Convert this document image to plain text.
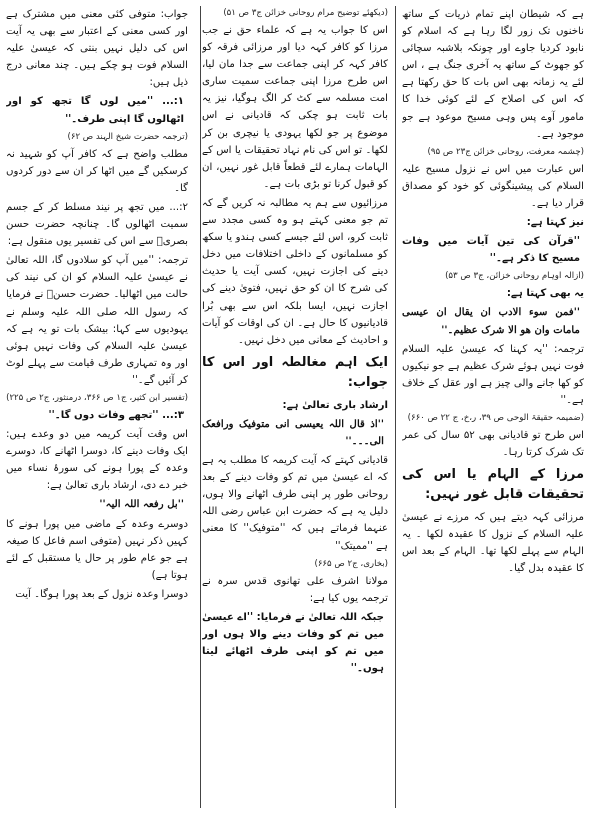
ہے کہ شیطان اپنے تمام ذریات کے ساتھ ناخنوں تک زور لگا رہا ہے کہ اسلام کو نابود کردیا جاوے اور چونکہ بلاشبہ سچائی کو جھوٹ کے ساتھ یہ آخری جنگ ہے ، اس لئے یہ زمانہ بھی اس بات کا حق رکھتا ہے کہ اس کی اصلاح کے لئے کوئی خدا کا مامور آوے پس وہی مسیح موعود ہے جو موجود ہے۔

(چشمہ معرفت، روحانی خزائن ج۲۳ ص ۹۵)

اس عبارت میں اس نے نزول مسیح علیہ السلام کی پیشینگوئی کو خود کو مصداق قرار دیا ہے۔

نیز کہتا ہے:

''قرآن کی تین آیات میں وفات مسیح کا ذکر ہے۔''

(ازالہ اوہام روحانی خزائن، ج۳ ص ۵۳)

یہ بھی کہتا ہے:

''فمن سوء الادب ان یقال ان عیسی مامات وان ھو الا شرک عظیم۔''

ترجمہ: ''یہ کہنا کہ عیسیٰ علیہ السلام فوت نہیں ہوئے شرک عظیم ہے جو نیکیوں کو کھا جانے والی چیز ہے اور عقل کے خلاف ہے۔''

(ضمیمہ حقیقۃ الوحی ص ۳۹، ر،خ، ج ۲۲ ص ۶۶۰)

اس طرح تو قادیانی بھی ۵۲ سال کی عمر تک شرک کرتا رہا۔

مرزا کے الہام یا اس کی تحقیقات قابل غور نہیں:

مرزائی کہہ دیتے ہیں کہ مرزے نے عیسیٰ علیہ السلام کے نزول کا عقیدہ لکھا ۔ یہ الہام سے پہلے لکھا تھا۔ الہام کے بعد اس کا عقیدہ بدل گیا۔

(دیکھئے توضیح مرام روحانی خزائن ج۳ ص ۵۱)

اس کا جواب یہ ہے کہ علماء حق نے جب مرزا کو کافر کہہ دیا اور مرزائی فرقہ کو کافر کہہ کر اپنی جماعت سے جدا مان لیا، اس طرح مرزا اپنی جماعت سمیت ساری امت مسلمہ سے کٹ کر الگ ہوگیا، نیز یہ بات ثابت ہو چکی کہ قادیانی نے اس موضوع پر جو لکھا یہودی یا نیچری بن کر لکھا۔ تو اس کی نام نہاد تحقیقات یا اس کے الہامات ہمارے لئے قطعاً قابل غور نہیں، ان کو قبول کرنا تو بڑی بات ہے۔

مرزائیوں سے ہم یہ مطالبہ نہ کریں گے کہ تم جو معنی کہتے ہو وہ کسی مجدد سے ثابت کرو، اس لئے جیسے کسی ہندو یا سکھ کو مسلمانوں کے داخلی اختلافات میں دخل دینے کی اجازت نہیں، کسی آیت یا حدیث کی شرح کا ان کو حق نہیں، فتویٰ دینے کی اجازت نہیں، ایسا بلکہ اس سے بھی بُرا قادیانیوں کا حال ہے۔ ان کی اوقات کو آیات و احادیث کے معانی میں دخل نہیں۔

ایک اہم مغالطہ اور اس کا جواب:

ارشاد باری تعالیٰ ہے:

''اذ قال اللہ یعیسی انی متوفیک ورافعک الی۔۔۔''

قادیانی کہتے کہ آیت کریمہ کا مطلب یہ ہے کہ اے عیسیٰ میں تم کو وفات دینے کے بعد روحانی طور پر اپنی طرف اٹھانے والا ہوں، دلیل یہ ہے کہ حضرت ابن عباس رضی اللہ عنہما فرماتے ہیں کہ ''متوفیک'' کا معنی ہے ''ممیتک''

(بخاری، ج۲ ص ۶۶۵)

مولانا اشرف علی تھانوی قدس سرہ نے ترجمہ یوں کیا ہے:

جبکہ اللہ تعالیٰ نے فرمایا: ''اے عیسیٰ میں تم کو وفات دینے والا ہوں اور میں تم کو اپنی طرف اٹھائے لیتا ہوں۔''

جواب: متوفی کئی معنی میں مشترک ہے اور کسی معنی کے اعتبار سے بھی یہ آیت اس کی دلیل نہیں بنتی کہ عیسیٰ علیہ السلام فوت ہو چکے ہیں۔ چند معانی درج ذیل ہیں:

۱:... ''میں لوں گا تجھ کو اور اٹھالوں گا اپنی طرف۔''

(ترجمہ حضرت شیخ الہند ص ۶۲)

مطلب واضح ہے کہ کافر آپ کو شہید نہ کرسکیں گے میں اٹھا کر ان سے دور کردوں گا۔

۲:... میں تجھ پر نیند مسلط کر کے جسم سمیت اٹھالوں گا۔ چنانچہ حضرت حسن بصریؒ سے اس کی تفسیر یوں منقول ہے:

ترجمہ: ''میں آپ کو سلادوں گا، اللہ تعالیٰ نے عیسیٰ علیہ السلام کو ان کی نیند کی حالت میں اٹھالیا۔ حضرت حسنؒ نے فرمایا کہ رسول اللہ صلی اللہ علیہ وسلم نے یہودیوں سے کہا: بیشک بات تو یہ ہے کہ عیسیٰ علیہ السلام کی وفات نہیں ہوئی اور وہ تمہاری طرف قیامت سے پہلے لوٹ کر آئیں گے۔''

(تفسیر ابن کثیر، ج۱ ص ۳۶۶، درمنثور، ج۲ ص ۲۲۵)

۳:... ''تجھے وفات دوں گا۔''

اس وقت آیت کریمہ میں دو وعدے ہیں: ایک وفات دینے کا، دوسرا اٹھانے کا، دوسرے وعدہ کے پورا ہونے کی سورۂ نساء میں خبر دے دی، ارشاد باری تعالیٰ ہے:

''بل رفعہ اللہ الیہ''

دوسرے وعدہ کے ماضی میں پورا ہونے کا کہیں ذکر نہیں (متوفی اسم فاعل کا صیغہ ہے جو عام طور پر حال یا مستقبل کے لئے ہوتا ہے)

دوسرا وعدہ نزول کے بعد پورا ہوگا۔ آیت
